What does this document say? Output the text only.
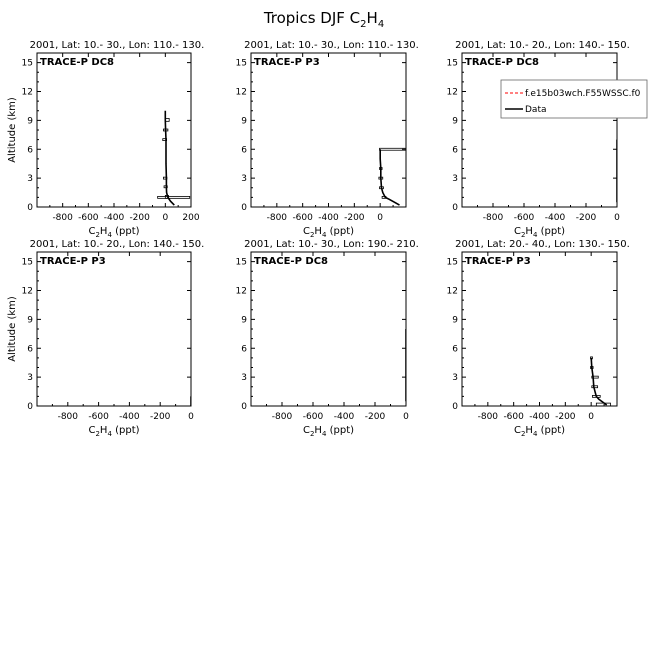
Tropics DJF $C_2H_4$
2001, Lat: 10.- 30., Lon: 110.- 130.
TRACE-P DC8
-800 -600 -400 -200 0 200
0
3
6
9
12
15
$C_2H_4$ (ppt)
Altitude (km)
2001, Lat: 10.- 30., Lon: 110.- 130.
TRACE-P P3
-800 -600 -400 -200 0
0
3
6
9
12
15
$C_2H_4$ (ppt)
2001, Lat: 10.- 20., Lon: 140.- 150.
TRACE-P DC8
-800 -600 -400 -200 0
0
3
6
9
12
15
$C_2H_4$ (ppt)
2001, Lat: 10.- 20., Lon: 140.- 150.
TRACE-P P3
-800 -600 -400 -200 0
0
3
6
9
12
15
$C_2H_4$ (ppt)
Altitude (km)
2001, Lat: 10.- 30., Lon: 190.- 210.
TRACE-P DC8
-800 -600 -400 -200 0
0
3
6
9
12
15
$C_2H_4$ (ppt)
2001, Lat: 20.- 40., Lon: 130.- 150.
TRACE-P P3
-800 -600 -400 -200 0
0
3
6
9
12
15
$C_2H_4$ (ppt)
f.e15b03wch.F55WSSC.f0
Data
